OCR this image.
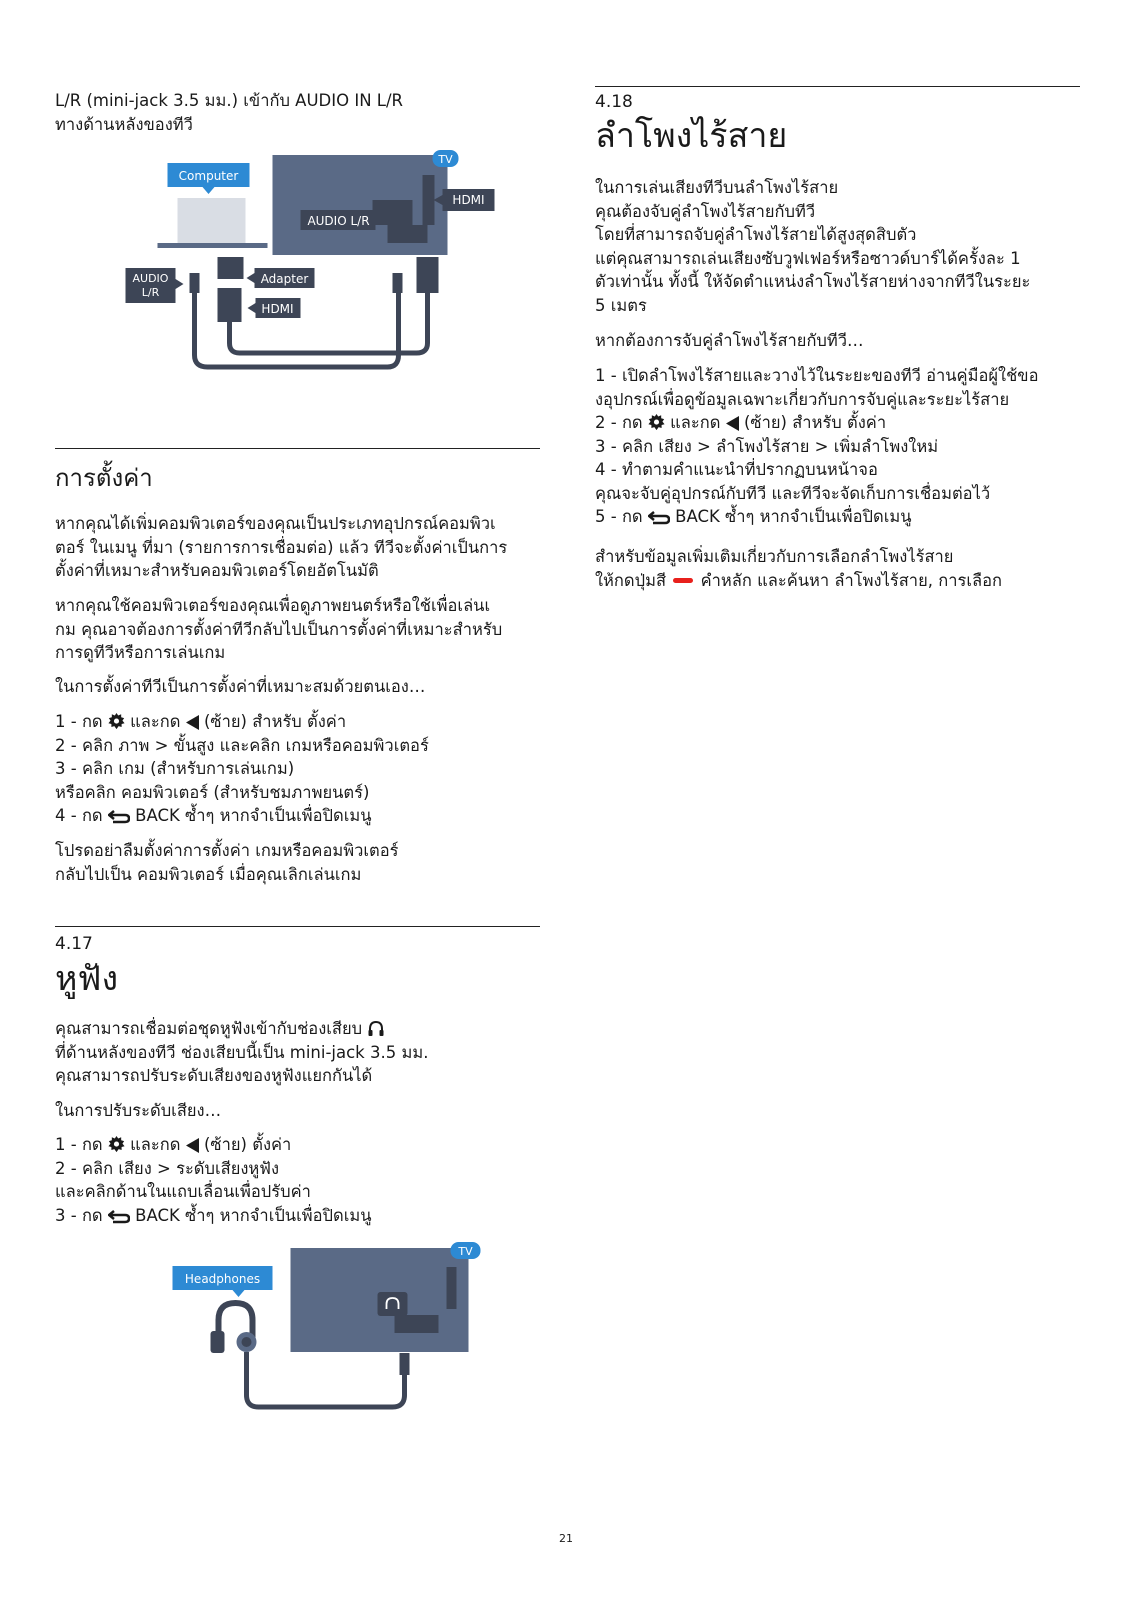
L/R (mini-jack 3.5 มม.) เข้ากับ AUDIO IN L/R

ทางด้านหลังของทีวี

TV
AUDIO L/R
HDMI
Computer
AUDIO
L/R
Adapter
HDMI
การตั้งค่า

หากคุณได้เพิ่มคอมพิวเตอร์ของคุณเป็นประเภทอุปกรณ์คอมพิวเ

ตอร์ ในเมนู ที่มา (รายการการเชื่อมต่อ) แล้ว ทีวีจะตั้งค่าเป็นการ

ตั้งค่าที่เหมาะสำหรับคอมพิวเตอร์โดยอัตโนมัติ

หากคุณใช้คอมพิวเตอร์ของคุณเพื่อดูภาพยนตร์หรือใช้เพื่อเล่นเ

กม คุณอาจต้องการตั้งค่าทีวีกลับไปเป็นการตั้งค่าที่เหมาะสำหรับ

การดูทีวีหรือการเล่นเกม

ในการตั้งค่าทีวีเป็นการตั้งค่าที่เหมาะสมด้วยตนเอง…

1 - กด และกด (ซ้าย) สำหรับ ตั้งค่า

2 - คลิก ภาพ > ขั้นสูง และคลิก เกมหรือคอมพิวเตอร์

3 - คลิก เกม (สำหรับการเล่นเกม)

หรือคลิก คอมพิวเตอร์ (สำหรับชมภาพยนตร์)

4 - กด BACK ซ้ำๆ หากจำเป็นเพื่อปิดเมนู

โปรดอย่าลืมตั้งค่าการตั้งค่า เกมหรือคอมพิวเตอร์

กลับไปเป็น คอมพิวเตอร์ เมื่อคุณเลิกเล่นเกม

4.17
หูฟัง

คุณสามารถเชื่อมต่อชุดหูฟังเข้ากับช่องเสียบ

ที่ด้านหลังของทีวี ช่องเสียบนี้เป็น mini-jack 3.5 มม.

คุณสามารถปรับระดับเสียงของหูฟังแยกกันได้

ในการปรับระดับเสียง…

1 - กด และกด (ซ้าย) ตั้งค่า

2 - คลิก เสียง > ระดับเสียงหูฟัง

และคลิกด้านในแถบเลื่อนเพื่อปรับค่า

3 - กด BACK ซ้ำๆ หากจำเป็นเพื่อปิดเมนู

TV
Headphones
4.18
ลำโพงไร้สาย

ในการเล่นเสียงทีวีบนลำโพงไร้สาย

คุณต้องจับคู่ลำโพงไร้สายกับทีวี

โดยที่สามารถจับคู่ลำโพงไร้สายได้สูงสุดสิบตัว

แต่คุณสามารถเล่นเสียงซับวูฟเฟอร์หรือซาวด์บาร์ได้ครั้งละ 1

ตัวเท่านั้น ทั้งนี้ ให้จัดตำแหน่งลำโพงไร้สายห่างจากทีวีในระยะ

5 เมตร

หากต้องการจับคู่ลำโพงไร้สายกับทีวี…

1 - เปิดลำโพงไร้สายและวางไว้ในระยะของทีวี อ่านคู่มือผู้ใช้ขอ

งอุปกรณ์เพื่อดูข้อมูลเฉพาะเกี่ยวกับการจับคู่และระยะไร้สาย

2 - กด และกด (ซ้าย) สำหรับ ตั้งค่า

3 - คลิก เสียง > ลำโพงไร้สาย > เพิ่มลำโพงใหม่

4 - ทำตามคำแนะนำที่ปรากฏบนหน้าจอ

คุณจะจับคู่อุปกรณ์กับทีวี และทีวีจะจัดเก็บการเชื่อมต่อไว้

5 - กด BACK ซ้ำๆ หากจำเป็นเพื่อปิดเมนู

สำหรับข้อมูลเพิ่มเติมเกี่ยวกับการเลือกลำโพงไร้สาย

ให้กดปุ่มสี คำหลัก และค้นหา ลำโพงไร้สาย, การเลือก

21
